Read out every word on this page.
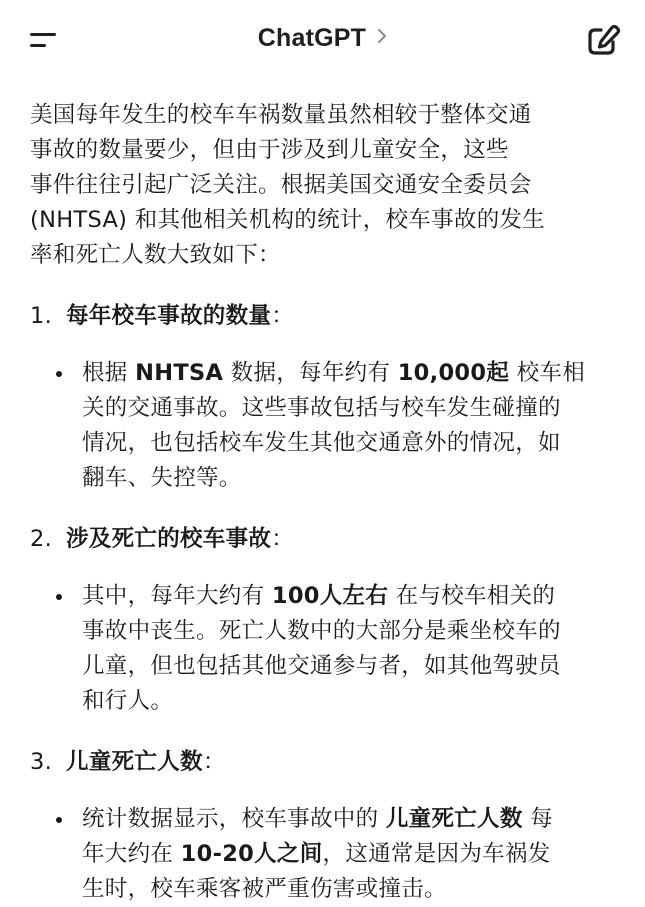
ChatGPT

美国每年发生的校车车祸数量虽然相较于整体交通
事故的数量要少，但由于涉及到儿童安全，这些
事件往往引起广泛关注。根据美国交通安全委员会
(NHTSA) 和其他相关机构的统计，校车事故的发生
率和死亡人数大致如下：

1. 每年校车事故的数量：
根据 NHTSA 数据，每年约有 10,000起 校车相
关的交通事故。这些事故包括与校车发生碰撞的
情况，也包括校车发生其他交通意外的情况，如
翻车、失控等。
2. 涉及死亡的校车事故：
其中，每年大约有 100人左右 在与校车相关的
事故中丧生。死亡人数中的大部分是乘坐校车的
儿童，但也包括其他交通参与者，如其他驾驶员
和行人。
3. 儿童死亡人数：
统计数据显示，校车事故中的 儿童死亡人数 每
年大约在 10-20人之间，这通常是因为车祸发
生时，校车乘客被严重伤害或撞击。
